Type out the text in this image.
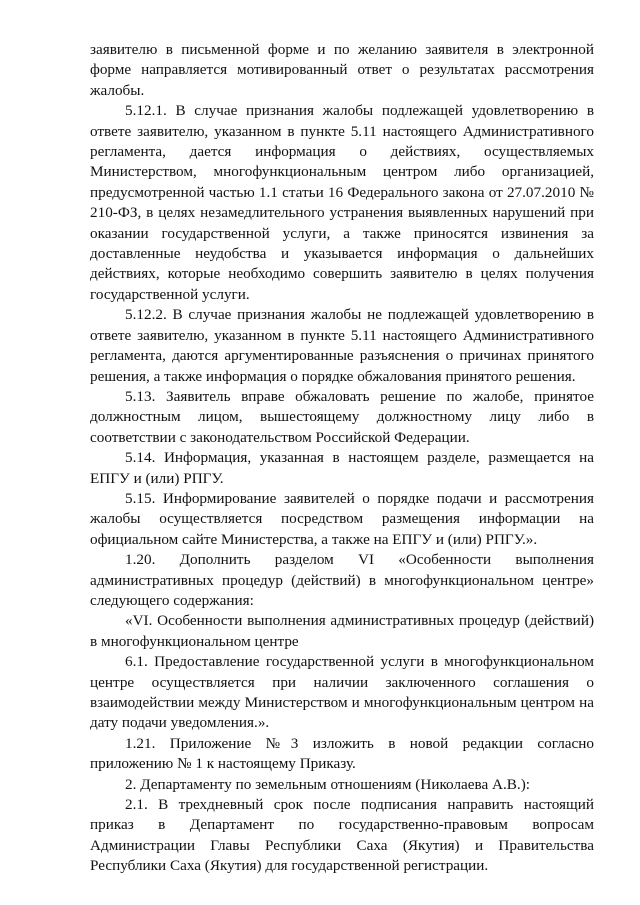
заявителю в письменной форме и по желанию заявителя в электронной форме направляется мотивированный ответ о результатах рассмотрения жалобы.

5.12.1. В случае признания жалобы подлежащей удовлетворению в ответе заявителю, указанном в пункте 5.11 настоящего Административного регламента, дается информация о действиях, осуществляемых Министерством, многофункциональным центром либо организацией, предусмотренной частью 1.1 статьи 16 Федерального закона от 27.07.2010 № 210-ФЗ, в целях незамедлительного устранения выявленных нарушений при оказании государственной услуги, а также приносятся извинения за доставленные неудобства и указывается информация о дальнейших действиях, которые необходимо совершить заявителю в целях получения государственной услуги.

5.12.2. В случае признания жалобы не подлежащей удовлетворению в ответе заявителю, указанном в пункте 5.11 настоящего Административного регламента, даются аргументированные разъяснения о причинах принятого решения, а также информация о порядке обжалования принятого решения.

5.13. Заявитель вправе обжаловать решение по жалобе, принятое должностным лицом, вышестоящему должностному лицу либо в соответствии с законодательством Российской Федерации.

5.14. Информация, указанная в настоящем разделе, размещается на ЕПГУ и (или) РПГУ.

5.15. Информирование заявителей о порядке подачи и рассмотрения жалобы осуществляется посредством размещения информации на официальном сайте Министерства, а также на ЕПГУ и (или) РПГУ.».

1.20. Дополнить разделом VI «Особенности выполнения административных процедур (действий) в многофункциональном центре» следующего содержания:

«VI. Особенности выполнения административных процедур (действий) в многофункциональном центре

6.1. Предоставление государственной услуги в многофункциональном центре осуществляется при наличии заключенного соглашения о взаимодействии между Министерством и многофункциональным центром на дату подачи уведомления.».

1.21. Приложение №3 изложить в новой редакции согласно приложению № 1 к настоящему Приказу.

2. Департаменту по земельным отношениям (Николаева А.В.):

2.1. В трехдневный срок после подписания направить настоящий приказ в Департамент по государственно-правовым вопросам Администрации Главы Республики Саха (Якутия) и Правительства Республики Саха (Якутия) для государственной регистрации.
